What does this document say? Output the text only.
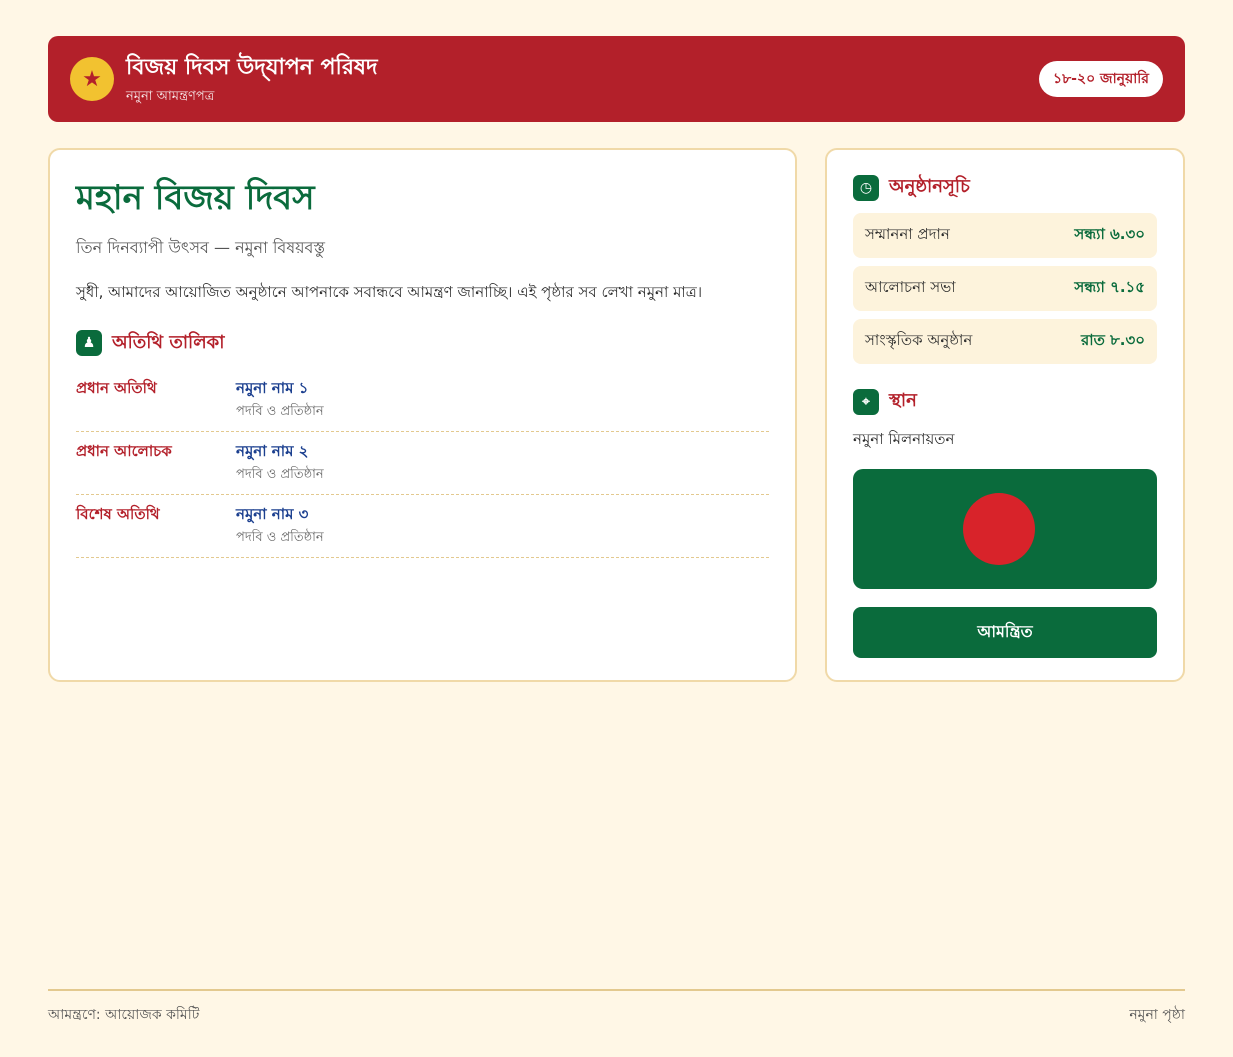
★	বিজয় দিবস উদ্‌যাপন পরিষদ
নমুনা আমন্ত্রণপত্র
১৮-২০ জানুয়ারি
মহান বিজয় দিবস

তিন দিনব্যাপী উৎসব — নমুনা বিষয়বস্তু

সুধী, আমাদের আয়োজিত অনুষ্ঠানে আপনাকে সবান্ধবে আমন্ত্রণ জানাচ্ছি। এই পৃষ্ঠার সব লেখা নমুনা মাত্র।

♟ অতিথি তালিকা
প্রধান অতিথি	নমুনা নাম ১
পদবি ও প্রতিষ্ঠান
প্রধান আলোচক	নমুনা নাম ২
পদবি ও প্রতিষ্ঠান
বিশেষ অতিথি	নমুনা নাম ৩
পদবি ও প্রতিষ্ঠান
◷ অনুষ্ঠানসূচি
সম্মাননা প্রদান	সন্ধ্যা ৬.৩০
আলোচনা সভা	সন্ধ্যা ৭.১৫
সাংস্কৃতিক অনুষ্ঠান	রাত ৮.৩০
⌖	স্থান
নমুনা মিলনায়তন
আমন্ত্রিত
আমন্ত্রণে: আয়োজক কমিটি	নমুনা পৃষ্ঠা
